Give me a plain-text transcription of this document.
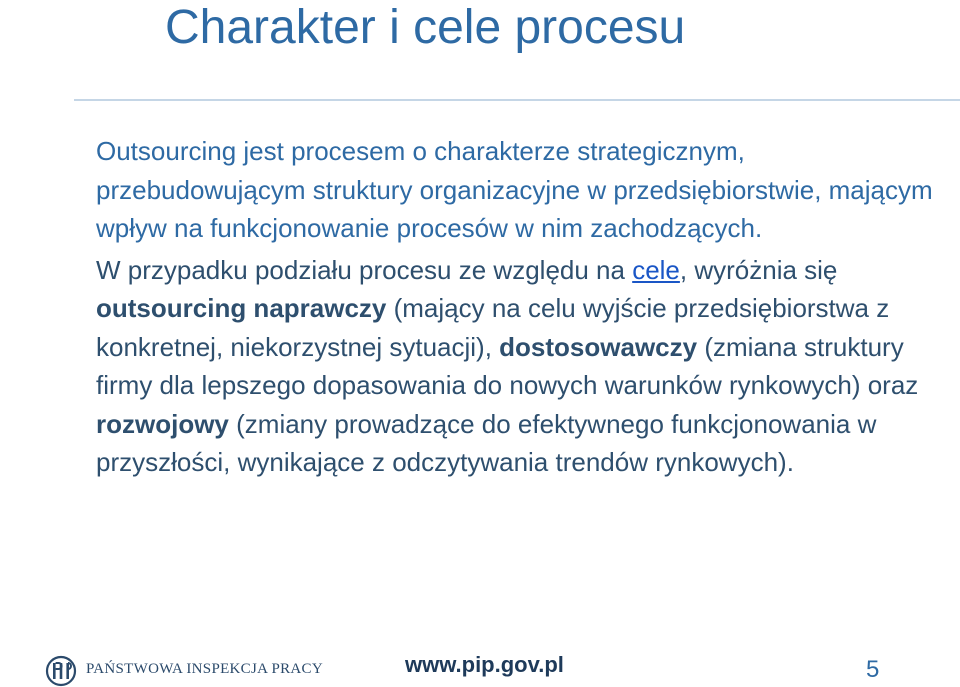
Charakter i cele procesu

Outsourcing jest procesem o charakterze strategicznym, przebudowującym struktury organizacyjne w przedsiębiorstwie, mającym wpływ na funkcjonowanie procesów w nim zachodzących.

W przypadku podziału procesu ze względu na cele, wyróżnia się outsourcing naprawczy (mający na celu wyjście przedsiębiorstwa z konkretnej, niekorzystnej sytuacji), dostosowawczy (zmiana struktury firmy dla lepszego dopasowania do nowych warunków rynkowych) oraz rozwojowy (zmiany prowadzące do efektywnego funkcjonowania w przyszłości, wynikające z odczytywania trendów rynkowych).

PAŃSTWOWA INSPEKCJA PRACY	www.pip.gov.pl	5
